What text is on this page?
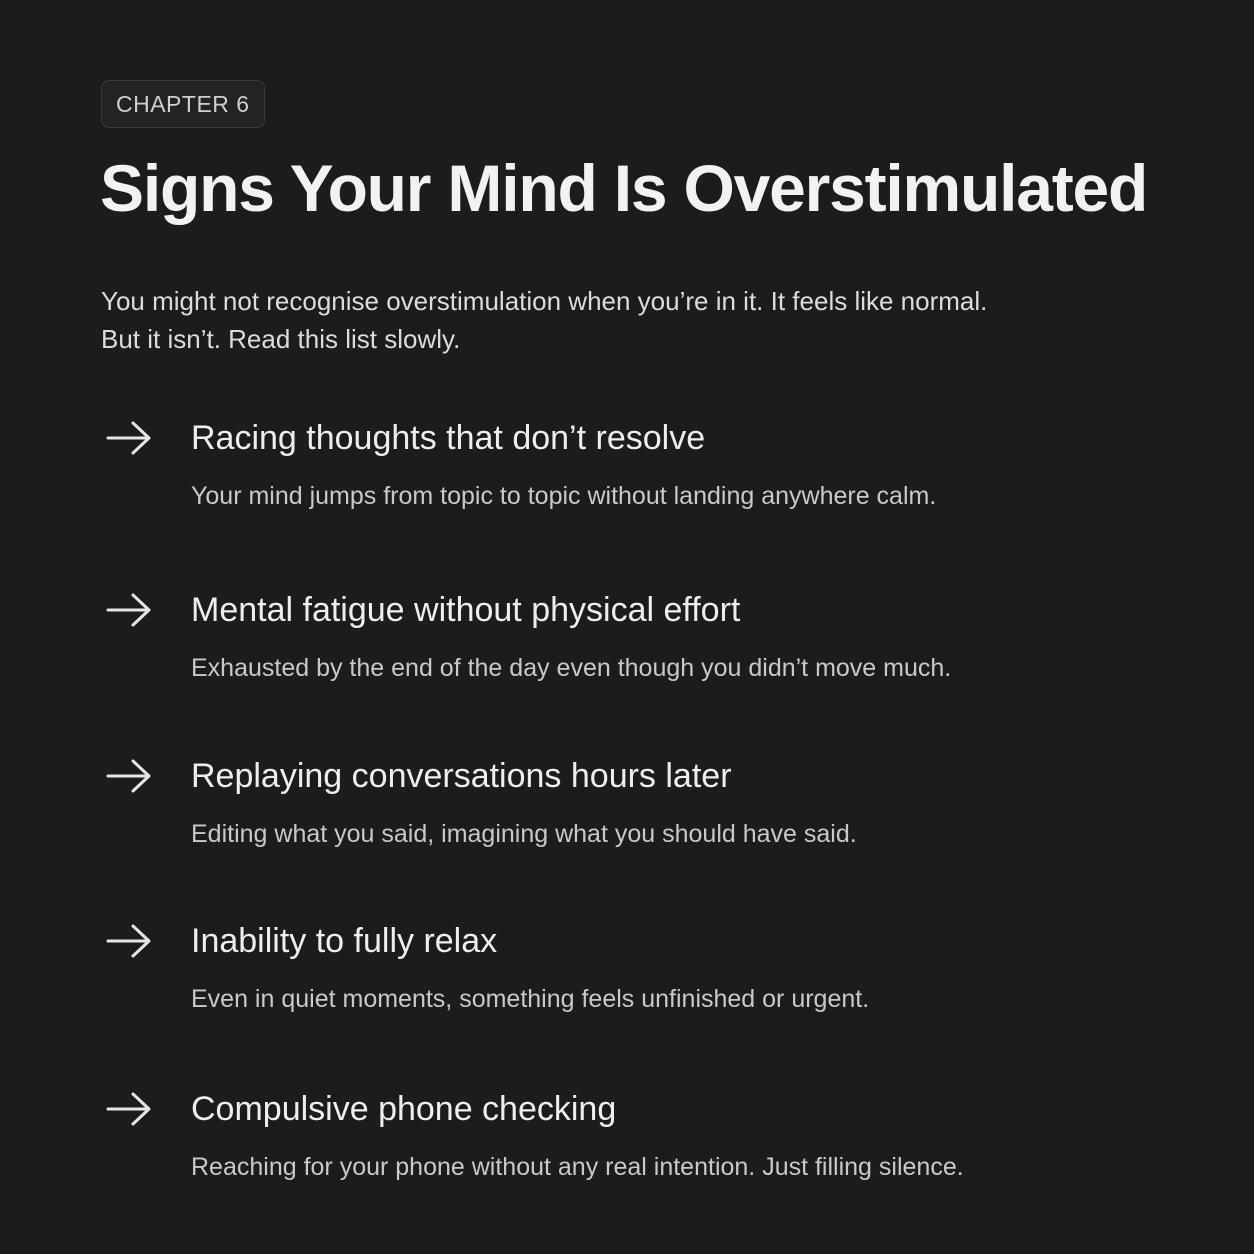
CHAPTER 6
Signs Your Mind Is Overstimulated

You might not recognise overstimulation when you’re in it. It feels like normal.
But it isn’t. Read this list slowly.

Racing thoughts that don’t resolve

Your mind jumps from topic to topic without landing anywhere calm.

Mental fatigue without physical effort

Exhausted by the end of the day even though you didn’t move much.

Replaying conversations hours later

Editing what you said, imagining what you should have said.

Inability to fully relax

Even in quiet moments, something feels unfinished or urgent.

Compulsive phone checking

Reaching for your phone without any real intention. Just filling silence.
